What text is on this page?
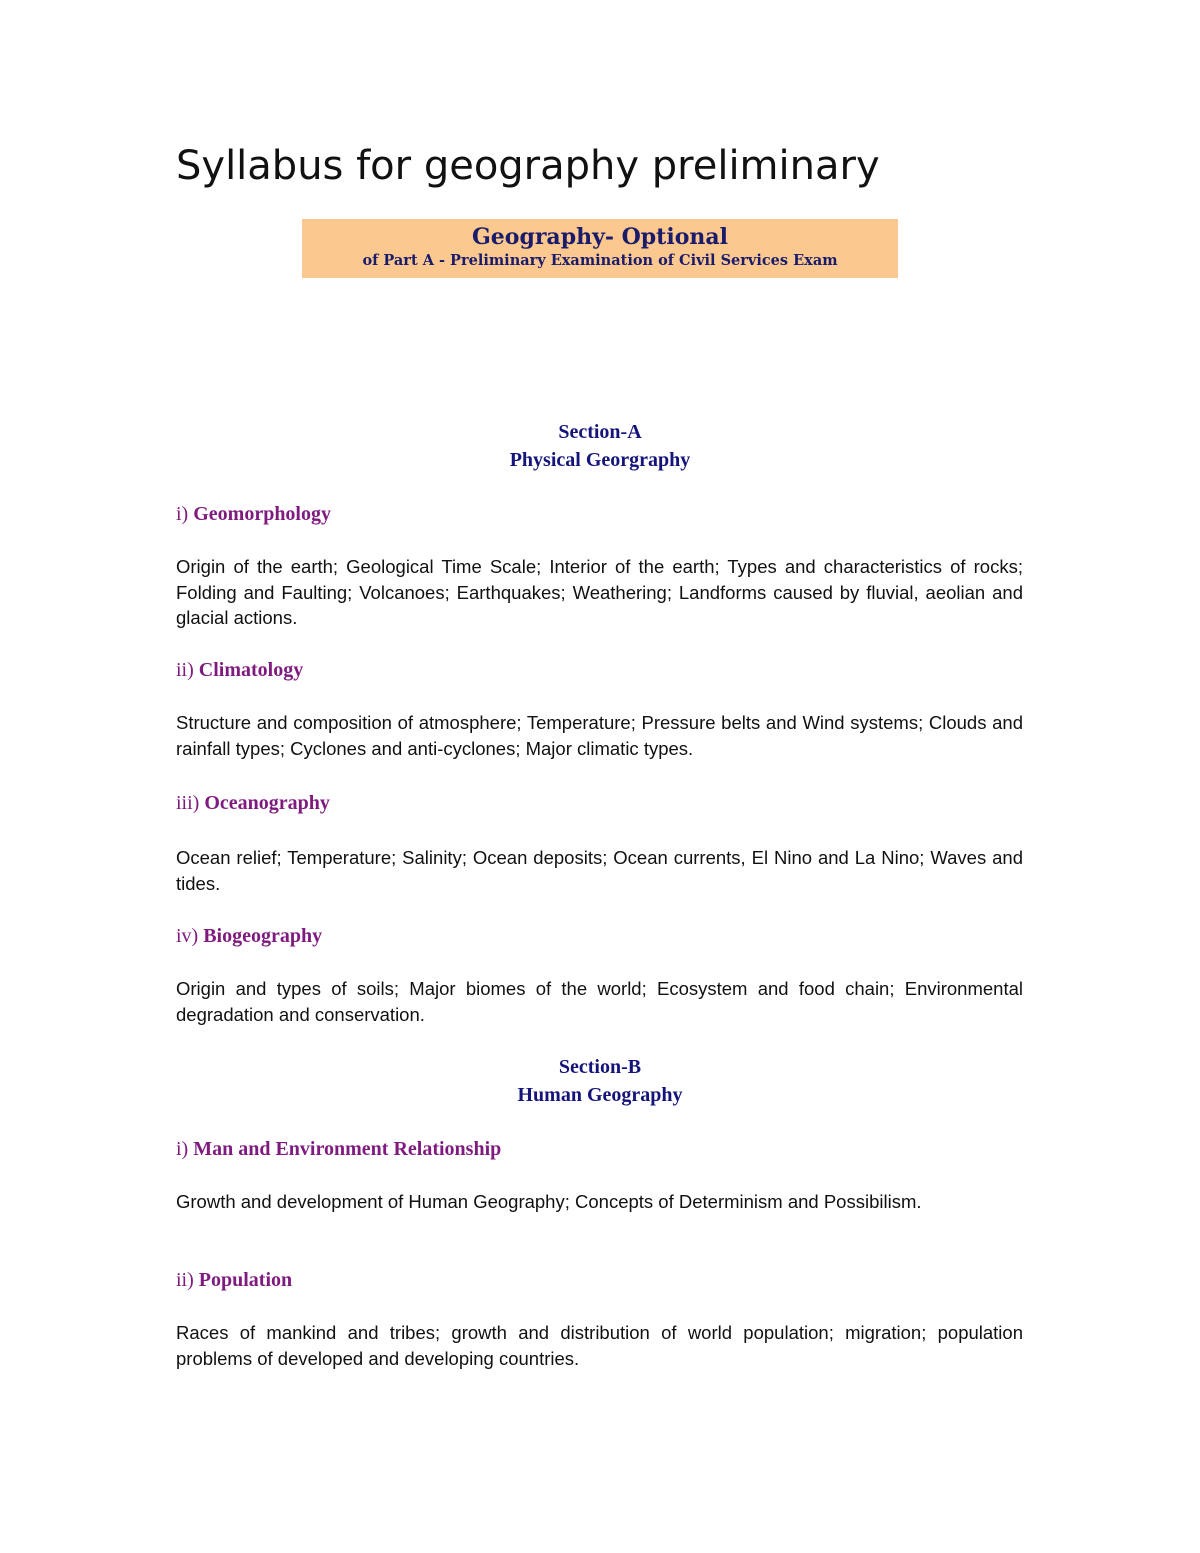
Syllabus for geography preliminary
Geography- Optional
of Part A - Preliminary Examination of Civil Services Exam
Section-A
Physical Georgraphy
i) Geomorphology

Origin of the earth; Geological Time Scale; Interior of the earth; Types and characteristics of rocks; Folding and Faulting; Volcanoes; Earthquakes; Weathering; Landforms caused by fluvial, aeolian and glacial actions.

ii) Climatology

Structure and composition of atmosphere; Temperature; Pressure belts and Wind systems; Clouds and rainfall types; Cyclones and anti-cyclones; Major climatic types.

iii) Oceanography

Ocean relief; Temperature; Salinity; Ocean deposits; Ocean currents, El Nino and La Nino; Waves and tides.

iv) Biogeography

Origin and types of soils; Major biomes of the world; Ecosystem and food chain; Environmental degradation and conservation.

Section-B
Human Geography
i) Man and Environment Relationship

Growth and development of Human Geography; Concepts of Determinism and Possibilism.

ii) Population

Races of mankind and tribes; growth and distribution of world population; migration; population problems of developed and developing countries.
